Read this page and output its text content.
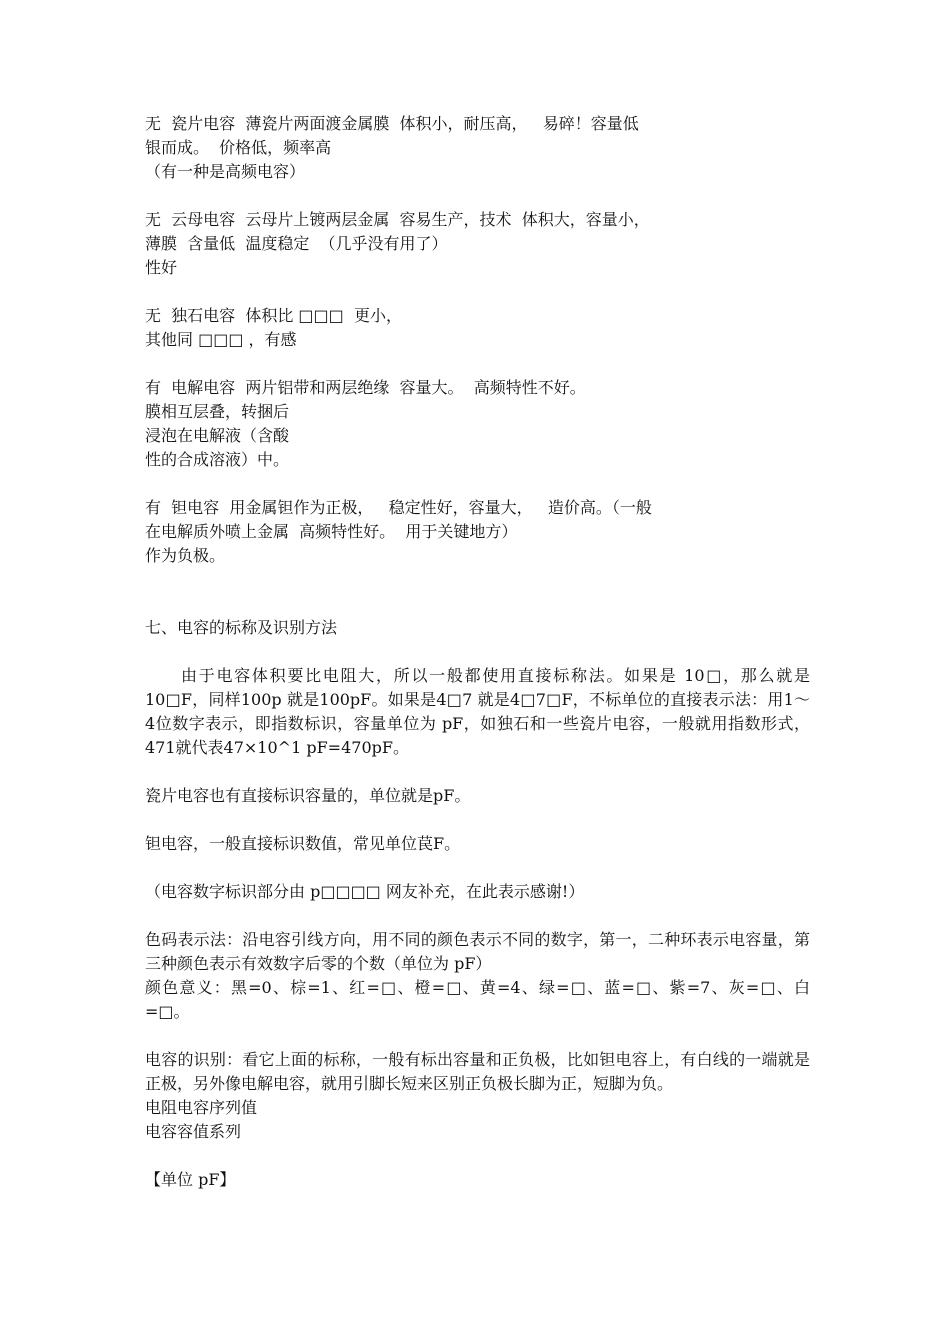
无  瓷片电容  薄瓷片两面渡金属膜  体积小，耐压高，   易碎！容量低
银而成。  价格低，频率高
（有一种是高频电容）
无  云母电容  云母片上镀两层金属  容易生产，技术  体积大，容量小，
薄膜  含量低  温度稳定  （几乎没有用了）
性好
无  独石电容  体积比 □□□  更小，
其他同 □□□ ，有感
有  电解电容  两片铝带和两层绝缘  容量大。  高频特性不好。
膜相互层叠，转捆后
浸泡在电解液（含酸
性的合成溶液）中。
有  钽电容  用金属钽作为正极，   稳定性好，容量大，   造价高。（一般
在电解质外喷上金属  高频特性好。  用于关键地方）
作为负极。
七、电容的标称及识别方法
由于电容体积要比电阻大，所以一般都使用直接标称法。如果是 10□，那么就是10□F，同样100p 就是100pF。如果是4□7 就是4□7□F，不标单位的直接表示法：用1～4位数字表示，即指数标识，容量单位为 pF，如独石和一些瓷片电容，一般就用指数形式，471就代表47×10^1 pF=470pF。
瓷片电容也有直接标识容量的，单位就是pF。
钽电容，一般直接标识数值，常见单位苠F。
（电容数字标识部分由 p□□□□ 网友补充，在此表示感谢!）
色码表示法：沿电容引线方向，用不同的颜色表示不同的数字，第一，二种环表示电容量，第三种颜色表示有效数字后零的个数（单位为 pF）
颜色意义：黑=0、棕=1、红=□、橙=□、黄=4、绿=□、蓝=□、紫=7、灰=□、白=□。
电容的识别：看它上面的标称，一般有标出容量和正负极，比如钽电容上，有白线的一端就是正极，另外像电解电容，就用引脚长短来区别正负极长脚为正，短脚为负。
电阻电容序列值
电容容值系列
【单位 pF】
